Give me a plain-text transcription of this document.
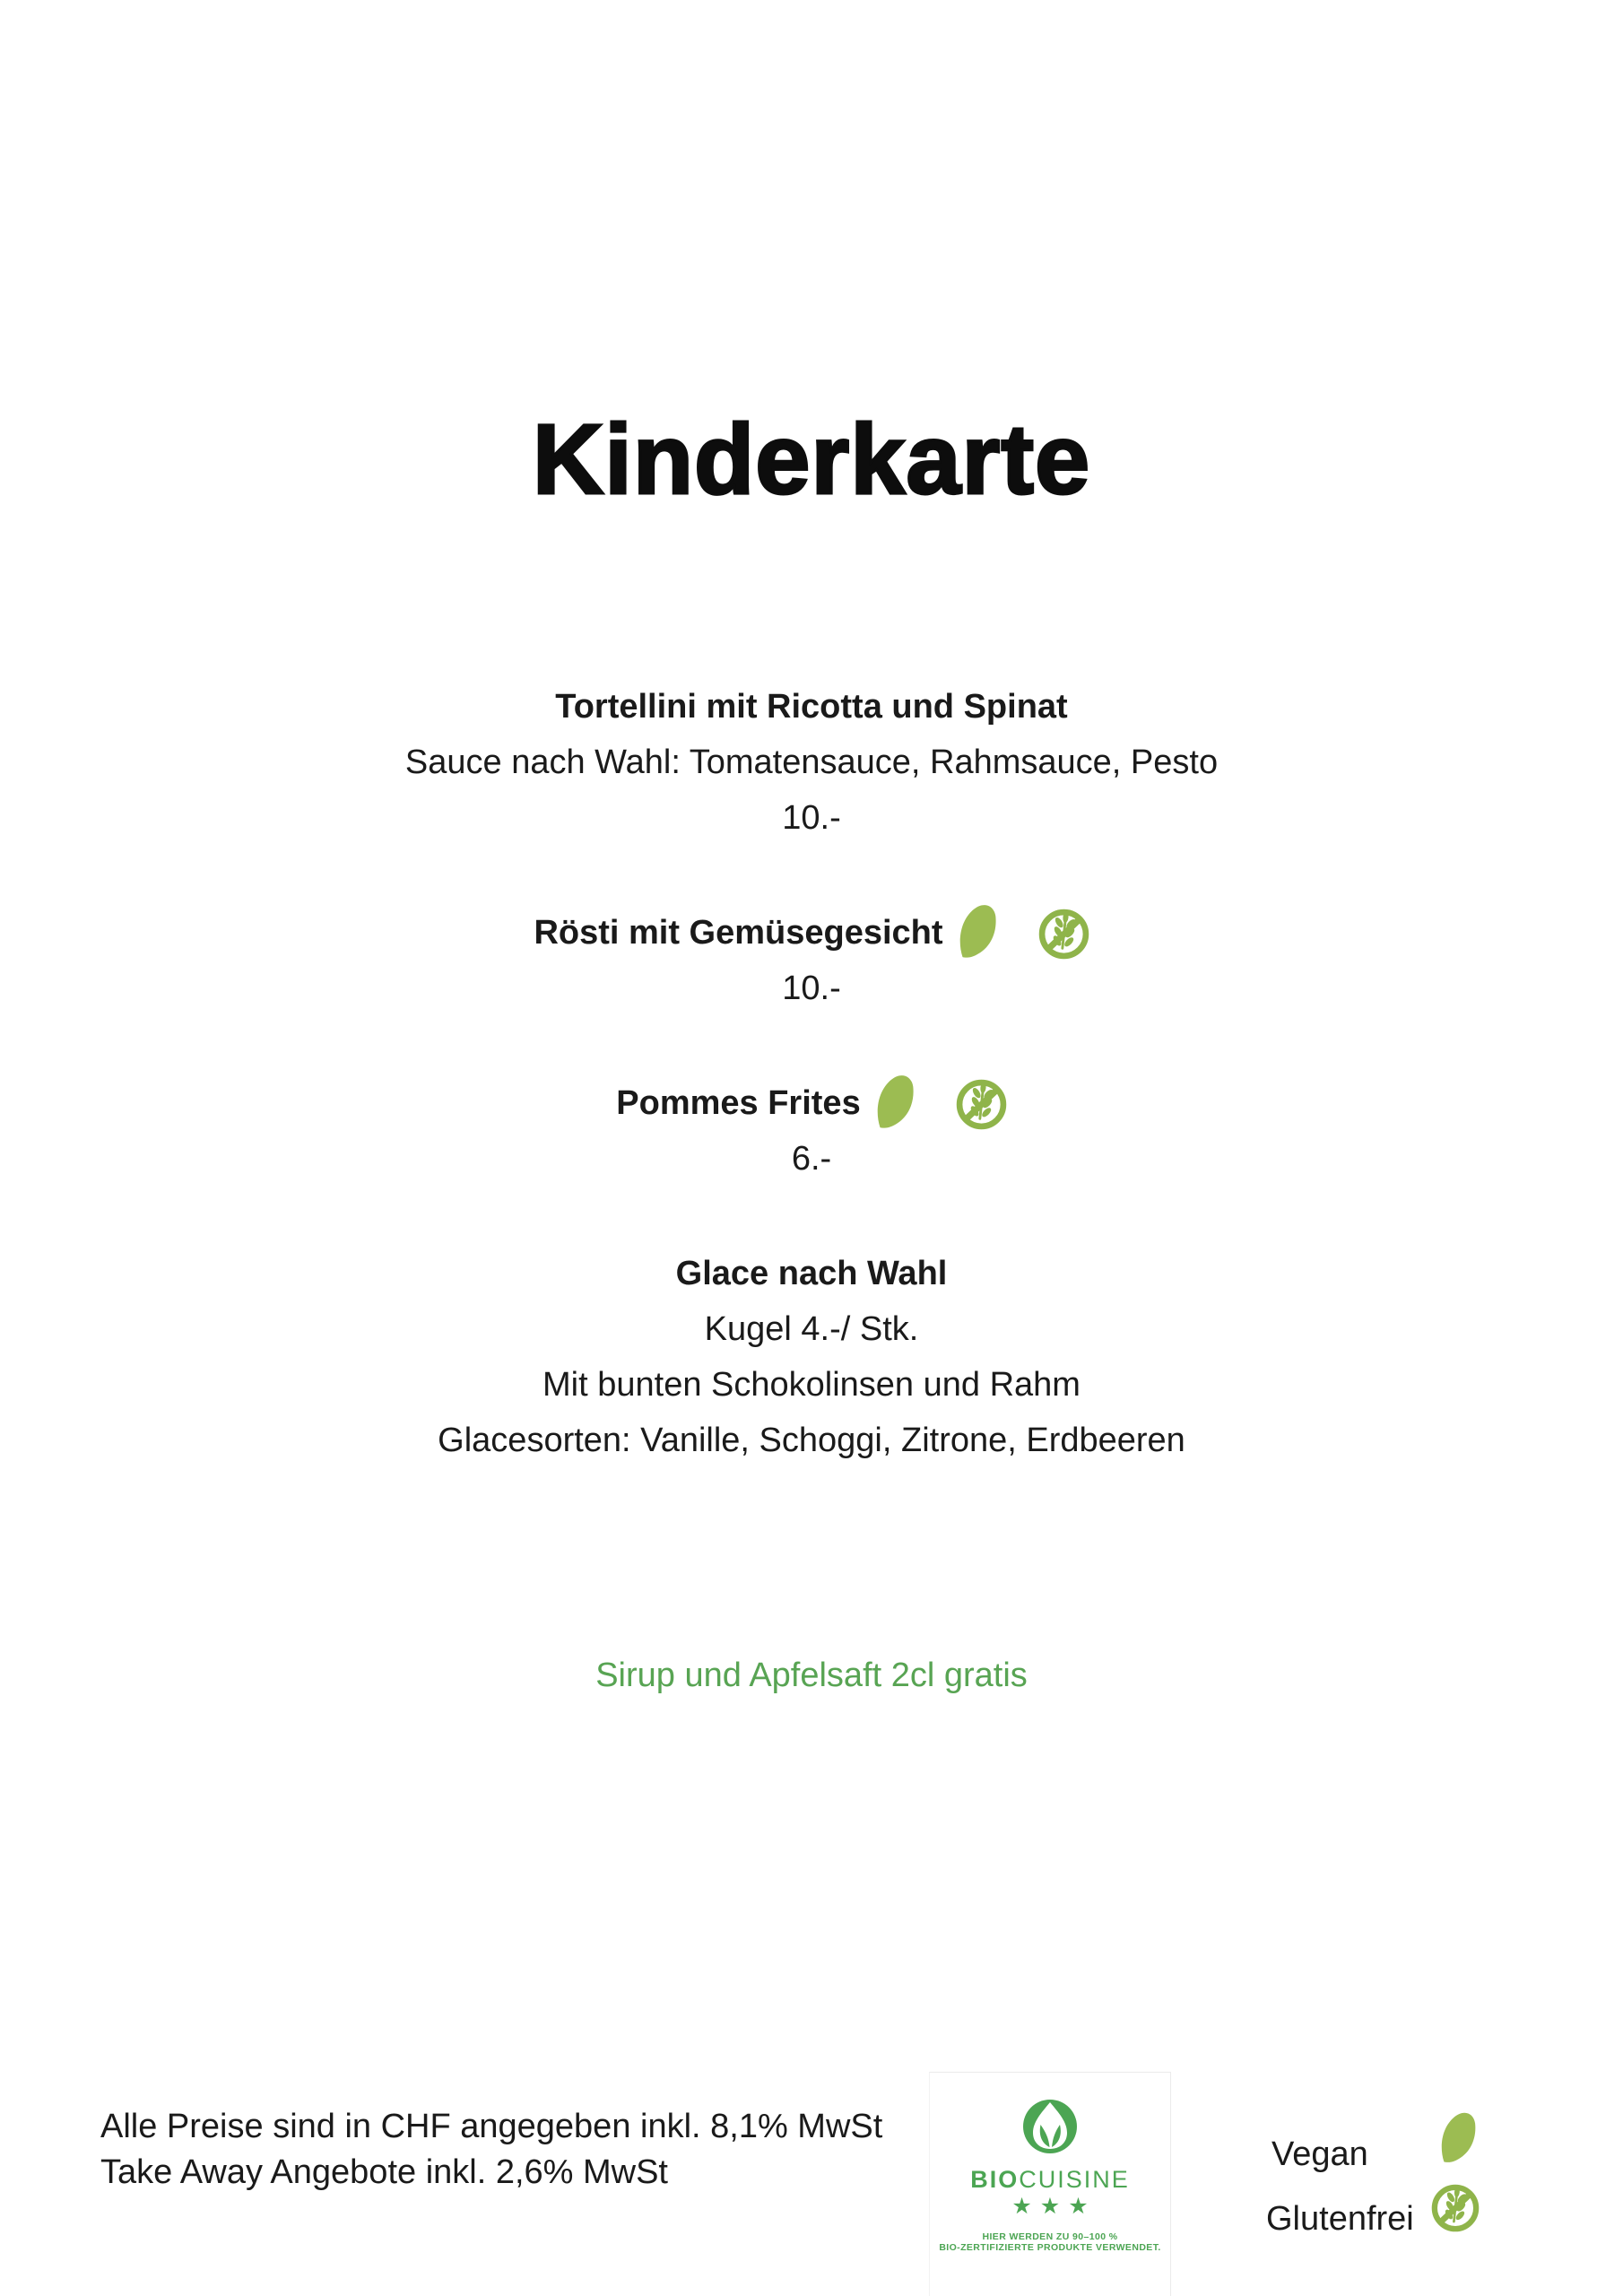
Kinderkarte
Tortellini mit Ricotta und Spinat
Sauce nach Wahl: Tomatensauce, Rahmsauce, Pesto
10.-
Rösti mit Gemüsegesicht
10.-
Pommes Frites
6.-
Glace nach Wahl
Kugel 4.-/ Stk.
Mit bunten Schokolinsen und Rahm
Glacesorten: Vanille, Schoggi, Zitrone, Erdbeeren
Sirup und Apfelsaft 2cl gratis
Alle Preise sind in CHF angegeben inkl. 8,1% MwSt
Take Away Angebote inkl. 2,6% MwSt	BIOCUISINE
★★★
HIER WERDEN ZU 90–100 %
BIO-ZERTIFIZIERTE PRODUKTE VERWENDET.
Vegan
Glutenfrei
